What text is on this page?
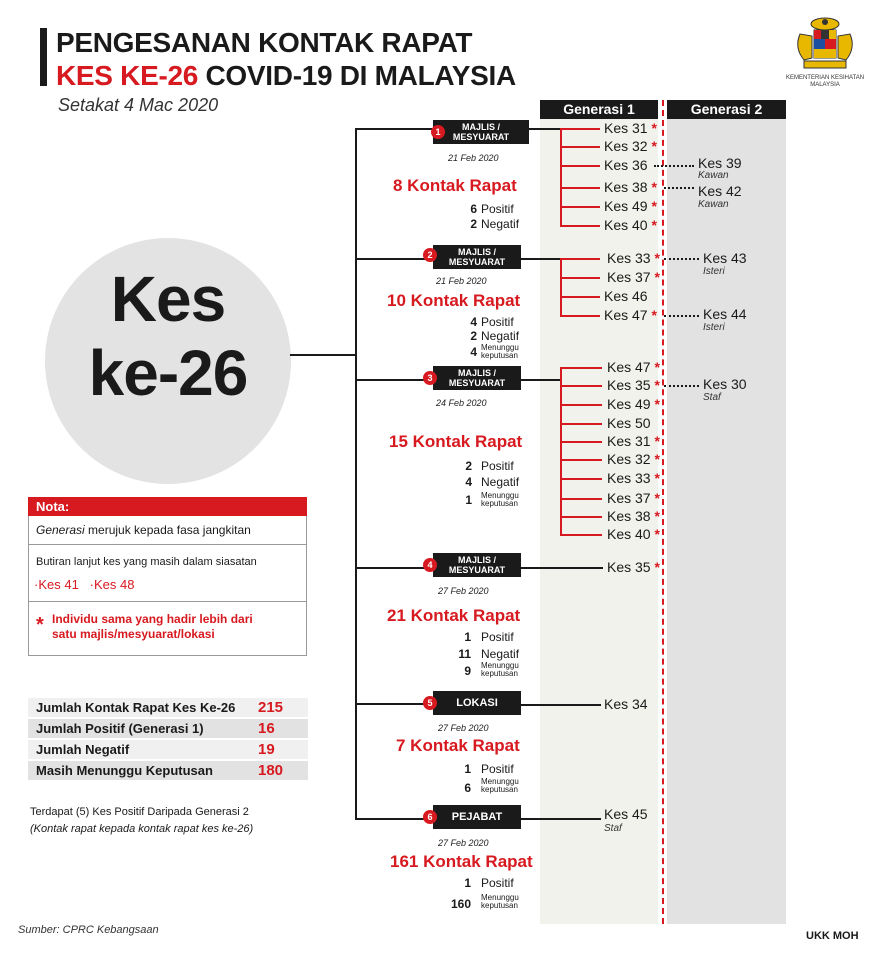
PENGESANAN KONTAK RAPAT
KES KE-26 COVID-19 DI MALAYSIA
Setakat 4 Mac 2020
KEMENTERIAN KESIHATAN MALAYSIA
Generasi 1	Generasi 2
Kes
ke-26
MAJLIS /
MESYUARAT
1
21 Feb 2020
8 Kontak Rapat
6 Positif
2 Negatif
Kes 31 *
Kes 32 *
Kes 36
Kes 38 *
Kes 49 *
Kes 40 *
Kes 39
Kawan
Kes 42
Kawan
MAJLIS /
MESYUARAT
2
21 Feb 2020
10 Kontak Rapat
4 Positif
2 Negatif
4 Menunggu keputusan
Kes 33 *
Kes 37 *
Kes 46
Kes 47 *
Kes 43
Isteri
Kes 44
Isteri
MAJLIS /
MESYUARAT
3
24 Feb 2020
15 Kontak Rapat
2 Positif
4 Negatif
1 Menunggu keputusan
Kes 47 *
Kes 35 *
Kes 49 *
Kes 50
Kes 31 *
Kes 32 *
Kes 33 *
Kes 37 *
Kes 38 *
Kes 40 *
Kes 30
Staf
MAJLIS /
MESYUARAT
4
27 Feb 2020
21 Kontak Rapat
1 Positif
11 Negatif
9 Menunggu keputusan
Kes 35 *
LOKASI
5
27 Feb 2020
7 Kontak Rapat
1 Positif
6 Menunggu keputusan
Kes 34
PEJABAT
6
27 Feb 2020
161 Kontak Rapat
1 Positif
160 Menunggu keputusan
Kes 45
Staf
Nota:
Generasi merujuk kepada fasa jangkitan
Butiran lanjut kes yang masih dalam siasatan
·Kes 41 ·Kes 48
* Individu sama yang hadir lebih dari
satu majlis/mesyuarat/lokasi
Jumlah Kontak Rapat Kes Ke-26 215
Jumlah Positif (Generasi 1)	16
Jumlah Negatif	19
Masih Menunggu Keputusan	180
Terdapat (5) Kes Positif Daripada Generasi 2
(Kontak rapat kepada kontak rapat kes ke-26)
Sumber: CPRC Kebangsaan	UKK MOH
